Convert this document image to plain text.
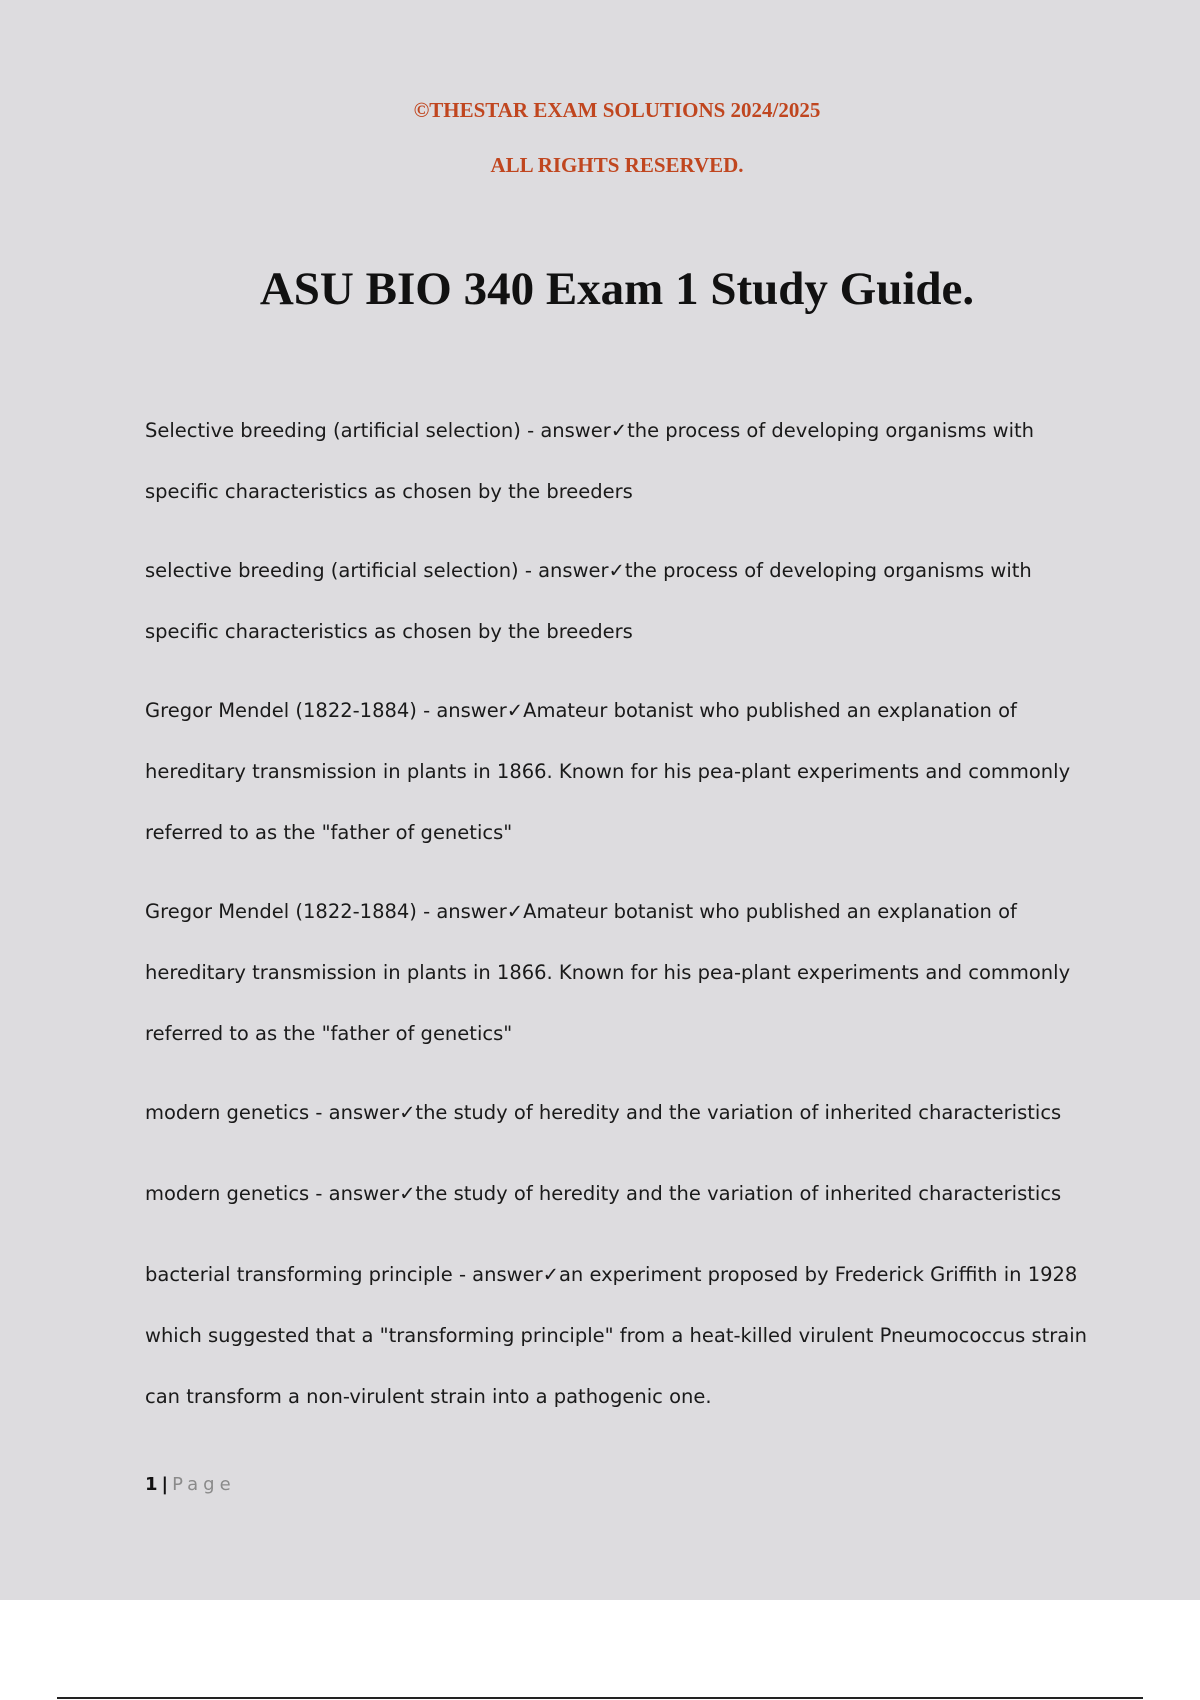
©THESTAR EXAM SOLUTIONS 2024/2025

ALL RIGHTS RESERVED.

ASU BIO 340 Exam 1 Study Guide.

Selective breeding (artificial selection) - answer✓the process of developing organisms with specific characteristics as chosen by the breeders

selective breeding (artificial selection) - answer✓the process of developing organisms with specific characteristics as chosen by the breeders

Gregor Mendel (1822-1884) - answer✓Amateur botanist who published an explanation of hereditary transmission in plants in 1866. Known for his pea-plant experiments and commonly referred to as the "father of genetics"

Gregor Mendel (1822-1884) - answer✓Amateur botanist who published an explanation of hereditary transmission in plants in 1866. Known for his pea-plant experiments and commonly referred to as the "father of genetics"

modern genetics - answer✓the study of heredity and the variation of inherited characteristics

modern genetics - answer✓the study of heredity and the variation of inherited characteristics

bacterial transforming principle - answer✓an experiment proposed by Frederick Griffith in 1928 which suggested that a "transforming principle" from a heat-killed virulent Pneumococcus strain can transform a non-virulent strain into a pathogenic one.

1 | Page
